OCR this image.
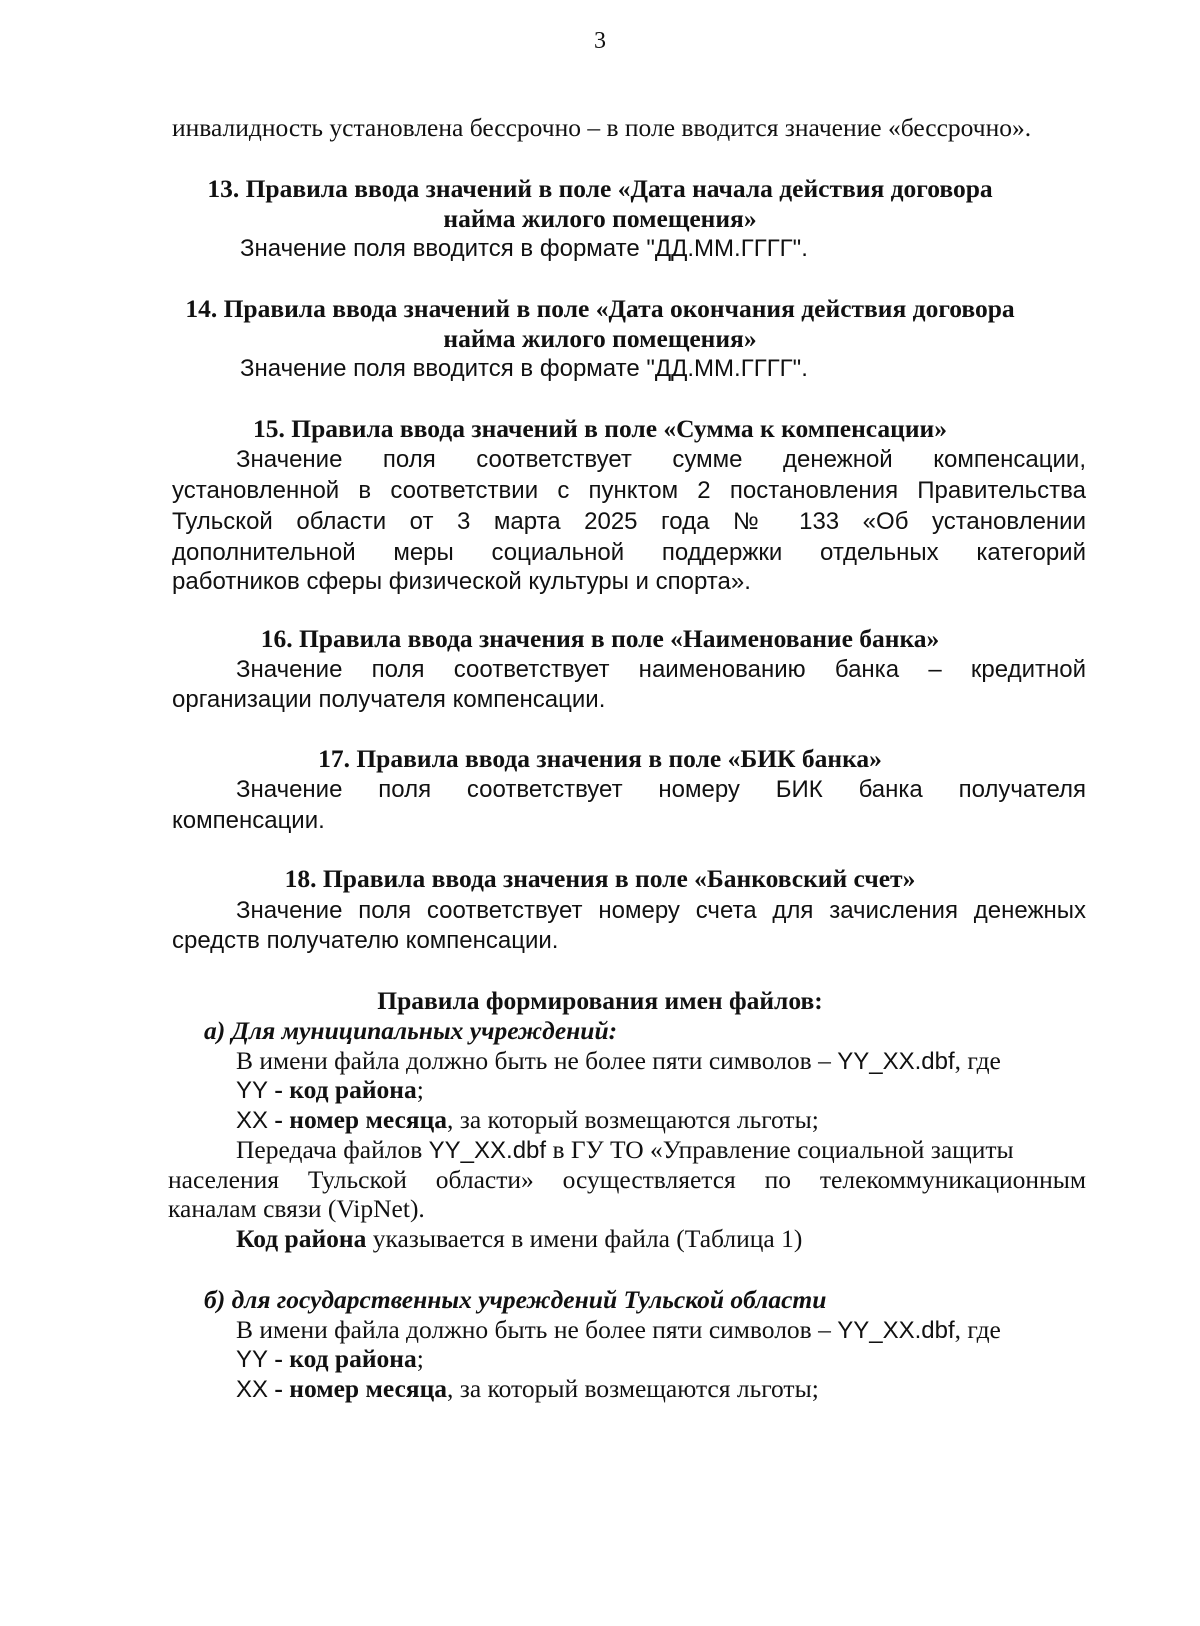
3
инвалидность установлена бессрочно – в поле вводится значение «бессрочно».
13. Правила ввода значений в поле «Дата начала действия договора
найма жилого помещения»
Значение поля вводится в формате "ДД.ММ.ГГГГ".
14. Правила ввода значений в поле «Дата окончания действия договора
найма жилого помещения»
Значение поля вводится в формате "ДД.ММ.ГГГГ".
15. Правила ввода значений в поле «Сумма к компенсации»
Значение поля соответствует сумме денежной компенсации,
установленной в соответствии с пунктом 2 постановления Правительства
Тульской области от 3 марта 2025 года № 133 «Об установлении
дополнительной меры социальной поддержки отдельных категорий
работников сферы физической культуры и спорта».
16. Правила ввода значения в поле «Наименование банка»
Значение поля соответствует наименованию банка – кредитной
организации получателя компенсации.
17. Правила ввода значения в поле «БИК банка»
Значение поля соответствует номеру БИК банка получателя
компенсации.
18. Правила ввода значения в поле «Банковский счет»
Значение поля соответствует номеру счета для зачисления денежных
средств получателю компенсации.
Правила формирования имен файлов:
а) Для муниципальных учреждений:
В имени файла должно быть не более пяти символов – YY_XX.dbf, где
YY - код района;
XX - номер месяца, за который возмещаются льготы;
Передача файлов YY_XX.dbf в ГУ ТО «Управление социальной защиты
населения Тульской области» осуществляется по телекоммуникационным
каналам связи (VipNet).
Код района указывается в имени файла (Таблица 1)
б) для государственных учреждений Тульской области
В имени файла должно быть не более пяти символов – YY_XX.dbf, где
YY - код района;
XX - номер месяца, за который возмещаются льготы;
